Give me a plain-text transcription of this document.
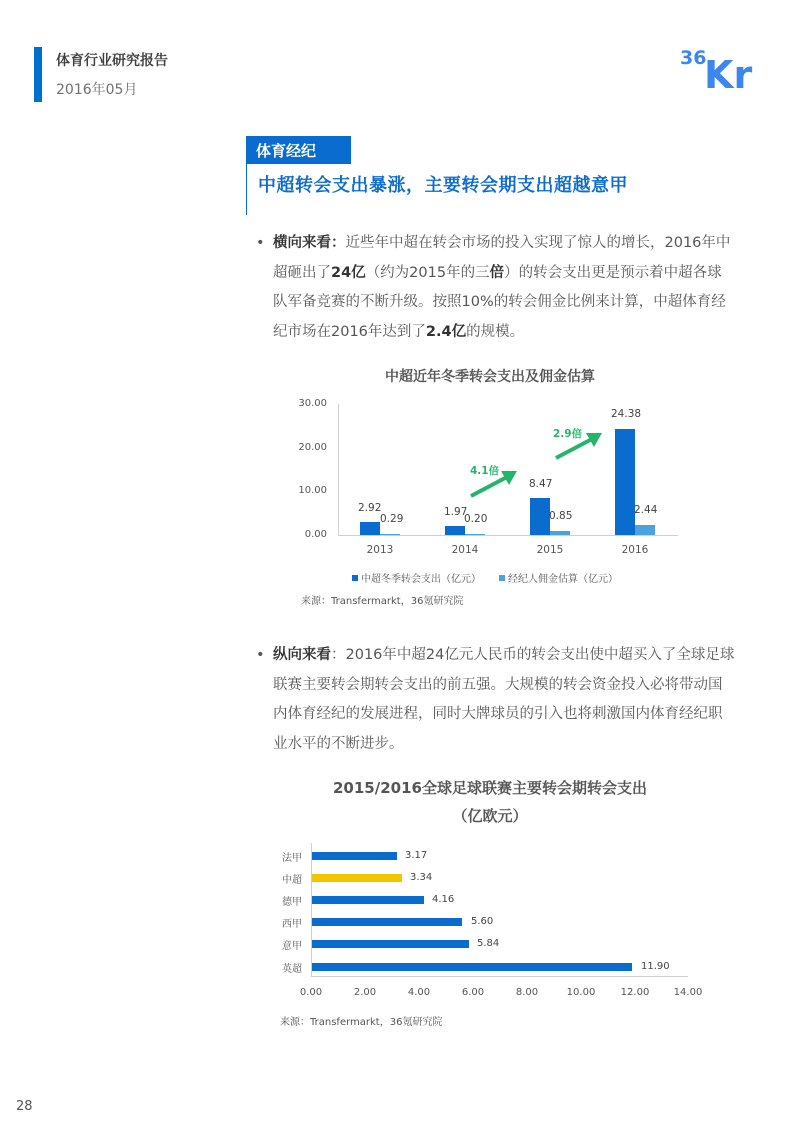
体育行业研究报告
2016年05月
36
Kr
体育经纪
中超转会支出暴涨，主要转会期支出超越意甲
• 横向来看：近些年中超在转会市场的投入实现了惊人的增长，2016年中超砸出了24亿（约为2015年的三倍）的转会支出更是预示着中超各球队军备竞赛的不断升级。按照10%的转会佣金比例来计算，中超体育经纪市场在2016年达到了2.4亿的规模。
中超近年冬季转会支出及佣金估算
30.00
20.00
10.00
0.00
2.92
0.29
1.97
0.20
8.47
0.85
24.38
2.44
2013	2014	2015	2016
4.1倍
2.9倍
中超冬季转会支出（亿元）	经纪人佣金估算（亿元）
来源：Transfermarkt，36氪研究院
• 纵向来看：2016年中超24亿元人民币的转会支出使中超买入了全球足球联赛主要转会期转会支出的前五强。大规模的转会资金投入必将带动国内体育经纪的发展进程，同时大牌球员的引入也将刺激国内体育经纪职业水平的不断进步。
2015/2016全球足球联赛主要转会期转会支出
（亿欧元）
法甲	3.17
中超	3.34
德甲	4.16
西甲	5.60
意甲	5.84
英超	11.90
0.00	2.00	4.00	6.00	8.00	10.00	12.00	14.00
来源：Transfermarkt，36氪研究院
28
